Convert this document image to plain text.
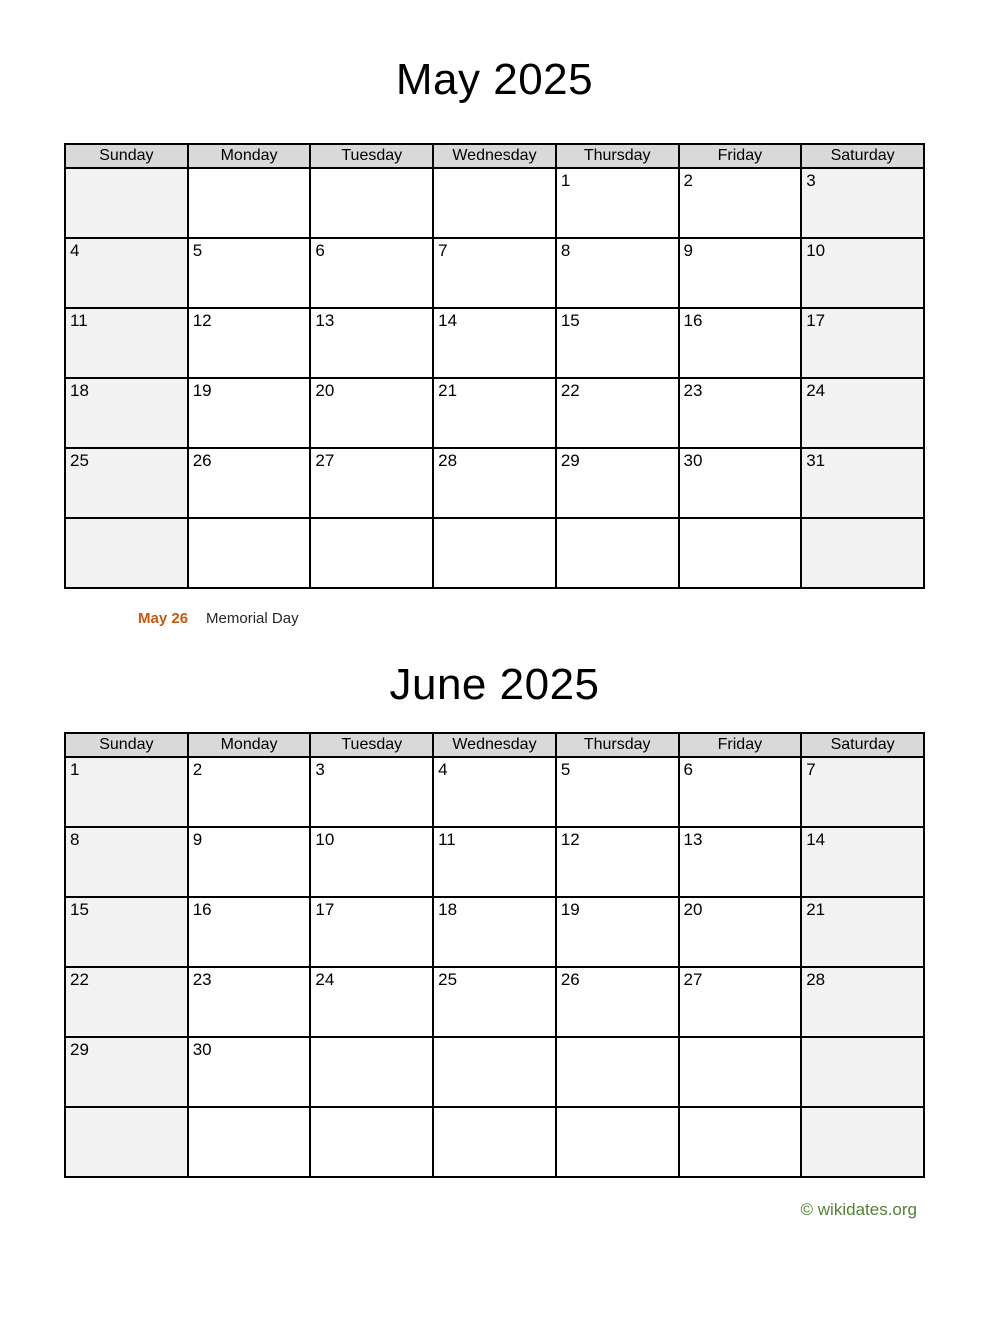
May 2025
Sunday	Monday	Tuesday	Wednesday	Thursday	Friday	Saturday
				1	2	3
4	5	6	7	8	9	10
11	12	13	14	15	16	17
18	19	20	21	22	23	24
25	26	27	28	29	30	31

May 26 Memorial Day

June 2025
Sunday	Monday	Tuesday	Wednesday	Thursday	Friday	Saturday
1	2	3	4	5	6	7
8	9	10	11	12	13	14
15	16	17	18	19	20	21
22	23	24	25	26	27	28
29	30					

© wikidates.org
